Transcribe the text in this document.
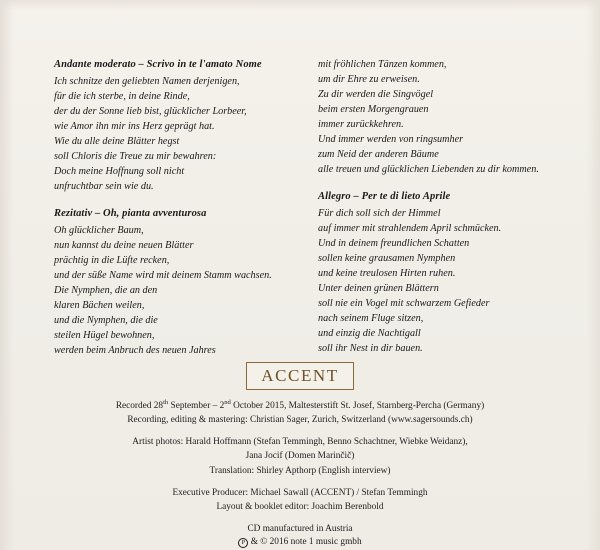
Andante moderato – Scrivo in te l'amato Nome
Ich schnitze den geliebten Namen derjenigen,
für die ich sterbe, in deine Rinde,
der du der Sonne lieb bist, glücklicher Lorbeer,
wie Amor ihn mir ins Herz geprägt hat.
Wie du alle deine Blätter hegst
soll Chloris die Treue zu mir bewahren:
Doch meine Hoffnung soll nicht
unfruchtbar sein wie du.
Rezitativ – Oh, pianta avventurosa
Oh glücklicher Baum,
nun kannst du deine neuen Blätter
prächtig in die Lüfte recken,
und der süße Name wird mit deinem Stamm wachsen.
Die Nymphen, die an den
klaren Bächen weilen,
und die Nymphen, die die
steilen Hügel bewohnen,
werden beim Anbruch des neuen Jahres
mit fröhlichen Tänzen kommen,
um dir Ehre zu erweisen.
Zu dir werden die Singvögel
beim ersten Morgengrauen
immer zurückkehren.
Und immer werden von ringsumher
zum Neid der anderen Bäume
alle treuen und glücklichen Liebenden zu dir kommen.
Allegro – Per te di lieto Aprile
Für dich soll sich der Himmel
auf immer mit strahlendem April schmücken.
Und in deinem freundlichen Schatten
sollen keine grausamen Nymphen
und keine treulosen Hirten ruhen.
Unter deinen grünen Blättern
soll nie ein Vogel mit schwarzem Gefieder
nach seinem Fluge sitzen,
und einzig die Nachtigall
soll ihr Nest in dir bauen.
ACCENT
Recorded 28th September – 2nd October 2015, Maltesterstift St. Josef, Starnberg-Percha (Germany)
Recording, editing & mastering: Christian Sager, Zurich, Switzerland (www.sagersounds.ch)
Artist photos: Harald Hoffmann (Stefan Temmingh, Benno Schachtner, Wiebke Weidanz),
Jana Jocif (Domen Marinčič)
Translation: Shirley Apthorp (English interview)
Executive Producer: Michael Sawall (ACCENT) / Stefan Temmingh
Layout & booklet editor: Joachim Berenbold
CD manufactured in Austria
P & © 2016 note 1 music gmbh
